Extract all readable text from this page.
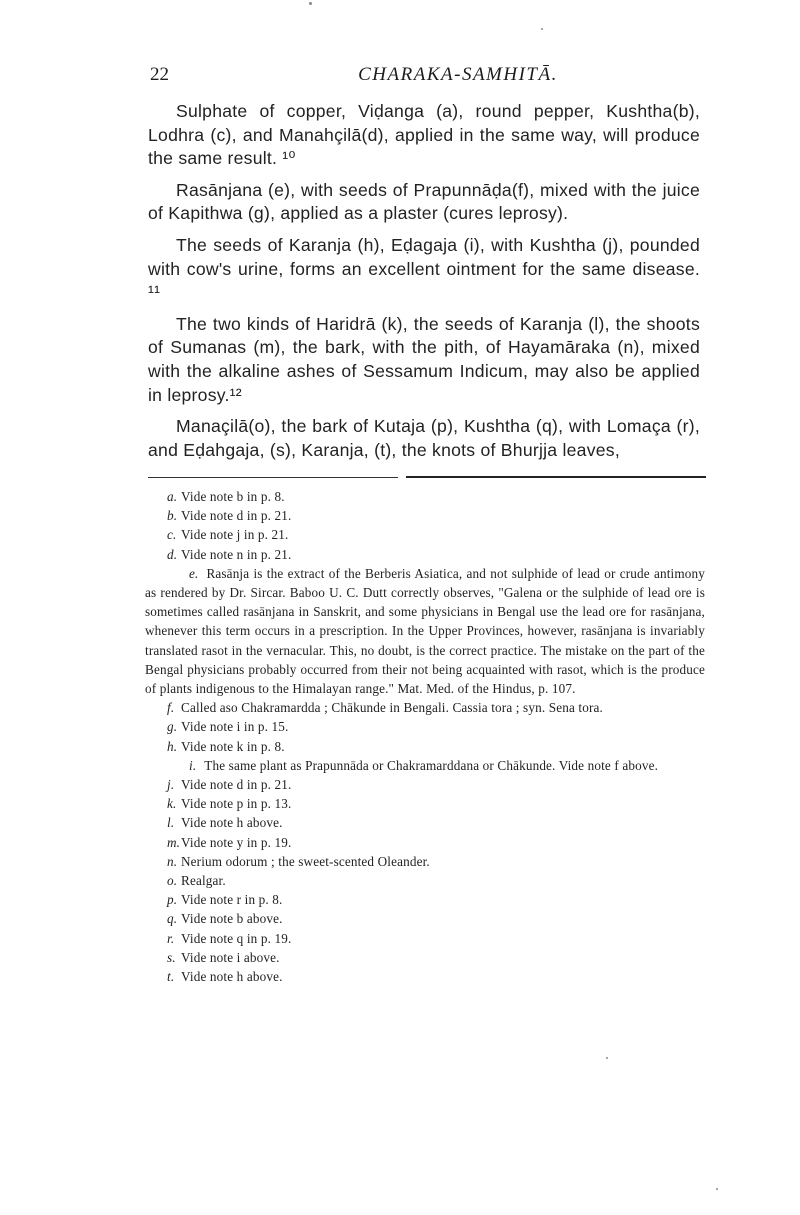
22	CHARAKA-SAMHITĀ.

Sulphate of copper, Viḍanga (a), round pepper, Kushtha(b), Lodhra (c), and Manahçilā(d), applied in the same way, will produce the same result. ¹⁰

Rasānjana (e), with seeds of Prapunnāḍa(f), mixed with the juice of Kapithwa (g), applied as a plaster (cures leprosy).

The seeds of Karanja (h), Eḍagaja (i), with Kushtha (j), pounded with cow's urine, forms an excellent ointment for the same disease. ¹¹

The two kinds of Haridrā (k), the seeds of Karanja (l), the shoots of Sumanas (m), the bark, with the pith, of Hayamāraka (n), mixed with the alkaline ashes of Sessamum Indicum, may also be applied in leprosy.¹²

Manaçilā(o), the bark of Kutaja (p), Kushtha (q), with Lomaça (r), and Eḍahgaja, (s), Karanja, (t), the knots of Bhurjja leaves,

a. Vide note b in p. 8.

b. Vide note d in p. 21.

c. Vide note j in p. 21.

d. Vide note n in p. 21.

e. Rasānja is the extract of the Berberis Asiatica, and not sulphide of lead or crude antimony as rendered by Dr. Sircar. Baboo U. C. Dutt correctly observes, "Galena or the sulphide of lead ore is sometimes called rasānjana in Sanskrit, and some physicians in Bengal use the lead ore for rasānjana, whenever this term occurs in a prescription. In the Upper Provinces, however, rasānjana is invariably translated rasot in the vernacular. This, no doubt, is the correct practice. The mistake on the part of the Bengal physicians probably occurred from their not being acquainted with rasot, which is the produce of plants indigenous to the Himalayan range." Mat. Med. of the Hindus, p. 107.

f. Called aso Chakramardda ; Chākunde in Bengali. Cassia tora ; syn. Sena tora.

g. Vide note i in p. 15.

h. Vide note k in p. 8.

i. The same plant as Prapunnāda or Chakramarddana or Chākunde. Vide note f above.

j. Vide note d in p. 21.

k. Vide note p in p. 13.

l. Vide note h above.

m.Vide note y in p. 19.

n. Nerium odorum ; the sweet-scented Oleander.

o. Realgar.

p. Vide note r in p. 8.

q. Vide note b above.

r. Vide note q in p. 19.

s. Vide note i above.

t. Vide note h above.
